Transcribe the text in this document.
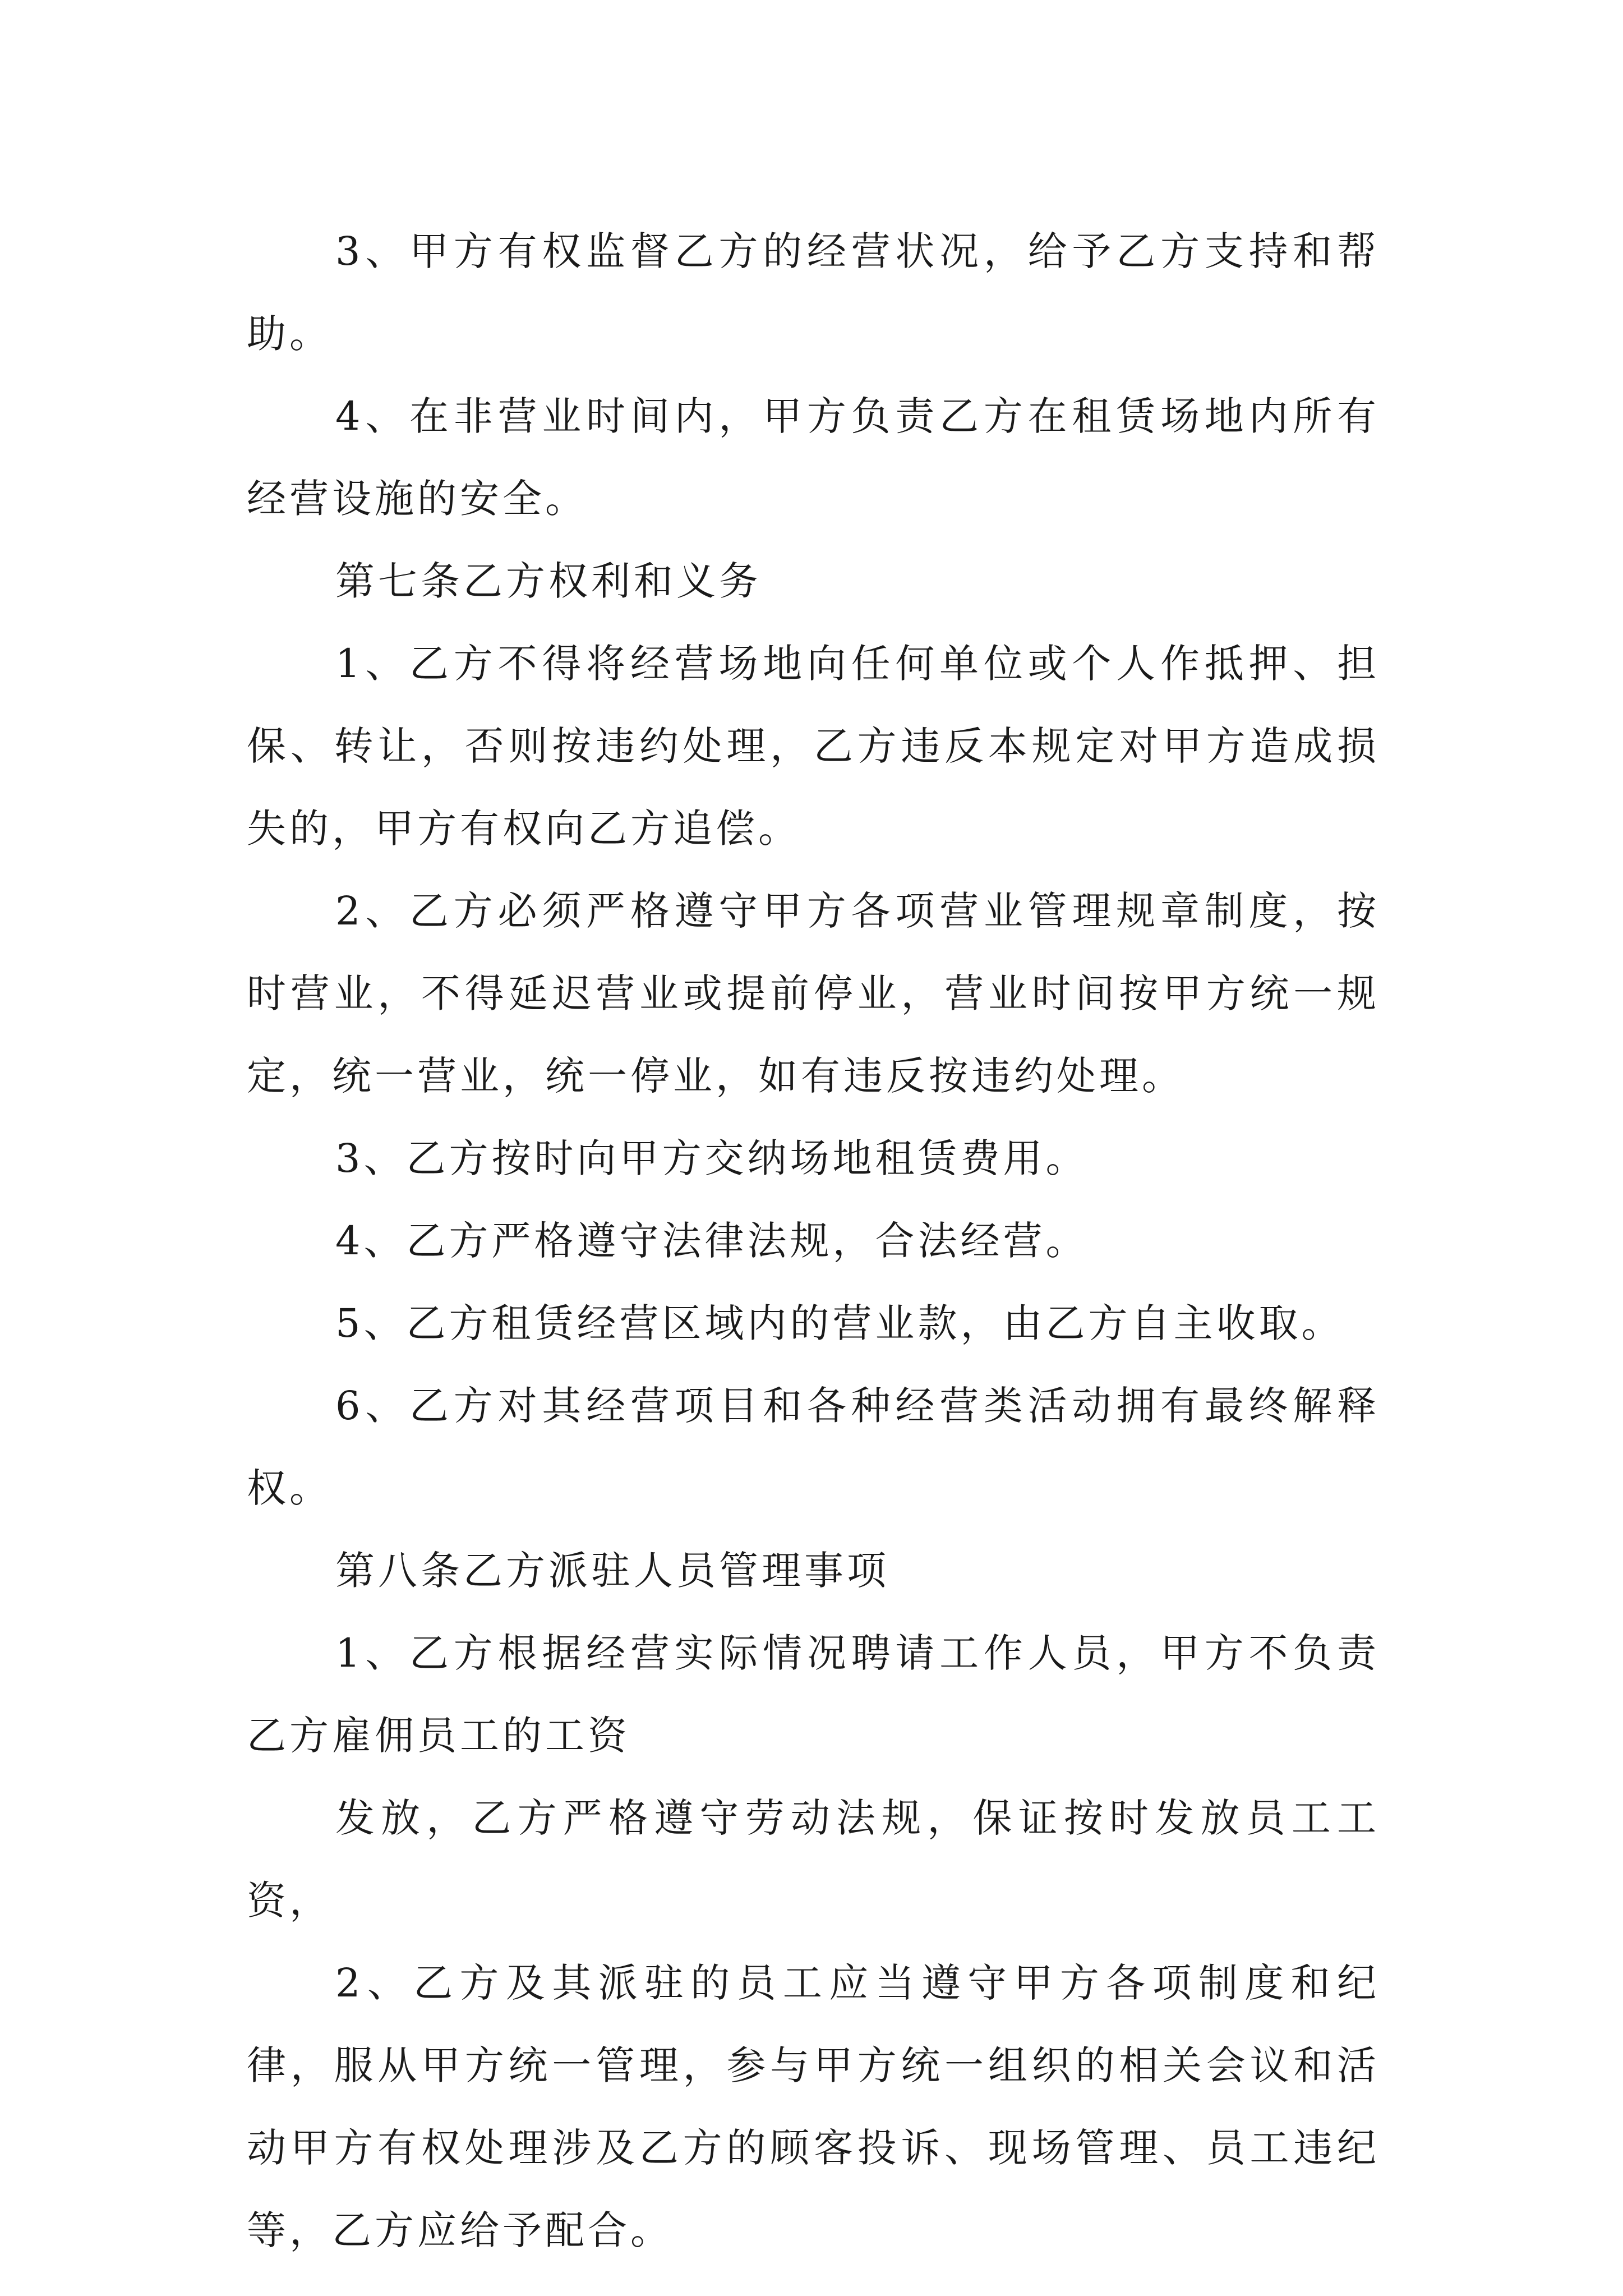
3、甲方有权监督乙方的经营状况，给予乙方支持和帮助。

4、在非营业时间内，甲方负责乙方在租赁场地内所有经营设施的安全。

第七条乙方权利和义务

1、乙方不得将经营场地向任何单位或个人作抵押、担保、转让，否则按违约处理，乙方违反本规定对甲方造成损失的，甲方有权向乙方追偿。

2、乙方必须严格遵守甲方各项营业管理规章制度，按时营业，不得延迟营业或提前停业，营业时间按甲方统一规定，统一营业，统一停业，如有违反按违约处理。

3、乙方按时向甲方交纳场地租赁费用。

4、乙方严格遵守法律法规，合法经营。

5、乙方租赁经营区域内的营业款，由乙方自主收取。

6、乙方对其经营项目和各种经营类活动拥有最终解释权。

第八条乙方派驻人员管理事项

1、乙方根据经营实际情况聘请工作人员，甲方不负责乙方雇佣员工的工资

发放，乙方严格遵守劳动法规，保证按时发放员工工资，

2、乙方及其派驻的员工应当遵守甲方各项制度和纪律，服从甲方统一管理，参与甲方统一组织的相关会议和活动甲方有权处理涉及乙方的顾客投诉、现场管理、员工违纪等，乙方应给予配合。
